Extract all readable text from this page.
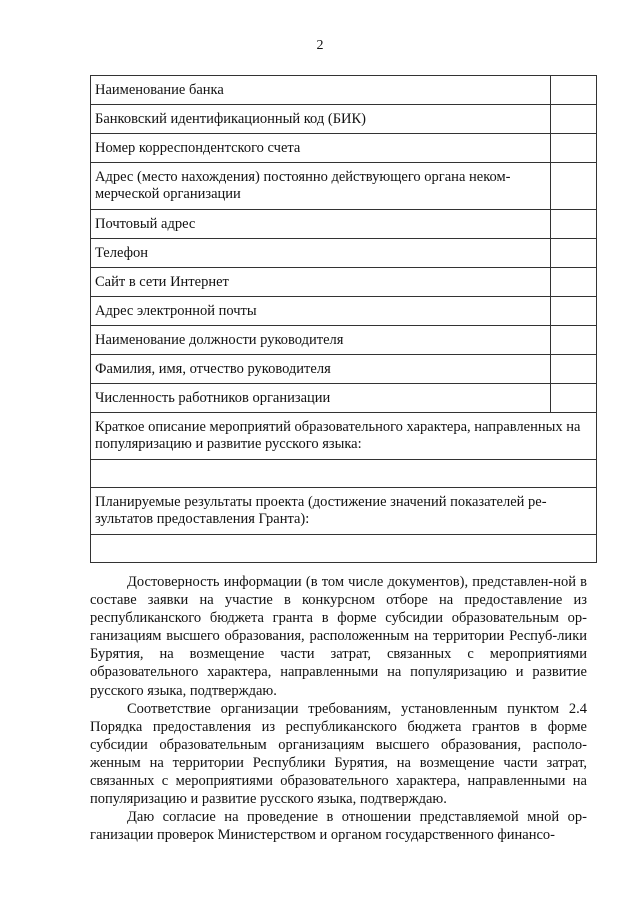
2
Наименование банка	
Банковский идентификационный код (БИК)	
Номер корреспондентского счета	
Адрес (место нахождения) постоянно действующего органа неком-мерческой организации	
Почтовый адрес	
Телефон	
Сайт в сети Интернет	
Адрес электронной почты	
Наименование должности руководителя	
Фамилия, имя, отчество руководителя	
Численность работников организации	
Краткое описание мероприятий образовательного характера, направленных на популяризацию и развитие русского языка:	

Планируемые результаты проекта (достижение значений показателей ре-зультатов предоставления Гранта):	

Достоверность информации (в том числе документов), представлен-ной в составе заявки на участие в конкурсном отборе на предоставление из республиканского бюджета гранта в форме субсидии образовательным ор-ганизациям высшего образования, расположенным на территории Респуб-лики Бурятия, на возмещение части затрат, связанных с мероприятиями образовательного характера, направленными на популяризацию и развитие русского языка, подтверждаю.

Соответствие организации требованиям, установленным пунктом 2.4 Порядка предоставления из республиканского бюджета грантов в форме субсидии образовательным организациям высшего образования, располо-женным на территории Республики Бурятия, на возмещение части затрат, связанных с мероприятиями образовательного характера, направленными на популяризацию и развитие русского языка, подтверждаю.

Даю согласие на проведение в отношении представляемой мной ор-ганизации проверок Министерством и органом государственного финансо-
